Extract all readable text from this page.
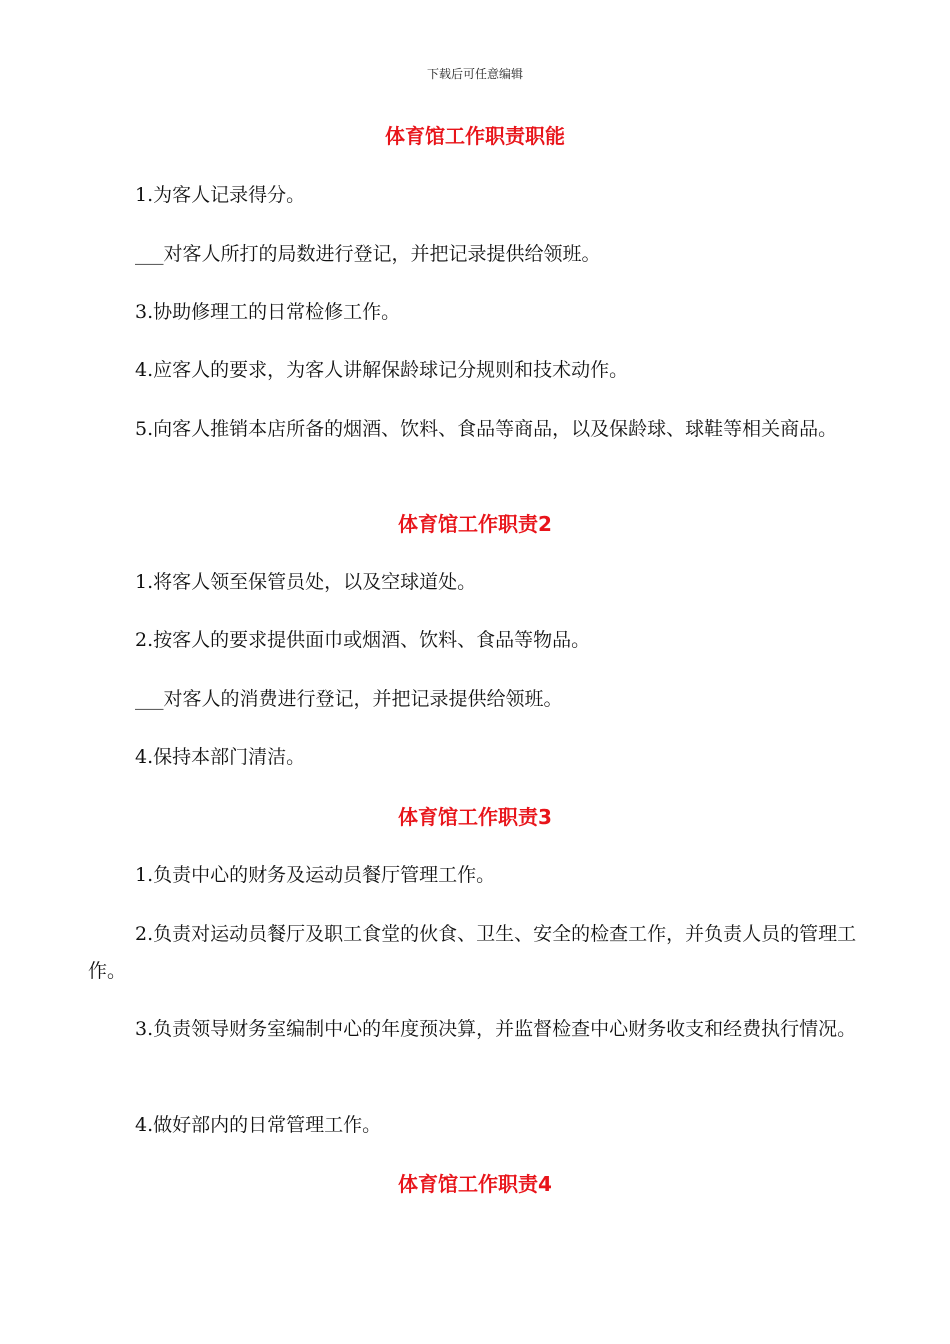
下载后可任意编辑
体育馆工作职责职能
1.为客人记录得分。
___对客人所打的局数进行登记，并把记录提供给领班。
3.协助修理工的日常检修工作。
4.应客人的要求，为客人讲解保龄球记分规则和技术动作。
5.向客人推销本店所备的烟酒、饮料、食品等商品，以及保龄球、球鞋等相关商品。
体育馆工作职责2
1.将客人领至保管员处，以及空球道处。
2.按客人的要求提供面巾或烟酒、饮料、食品等物品。
___对客人的消费进行登记，并把记录提供给领班。
4.保持本部门清洁。
体育馆工作职责3
1.负责中心的财务及运动员餐厅管理工作。
2.负责对运动员餐厅及职工食堂的伙食、卫生、安全的检查工作，并负责人员的管理工作。
3.负责领导财务室编制中心的年度预决算，并监督检查中心财务收支和经费执行情况。
4.做好部内的日常管理工作。
体育馆工作职责4
